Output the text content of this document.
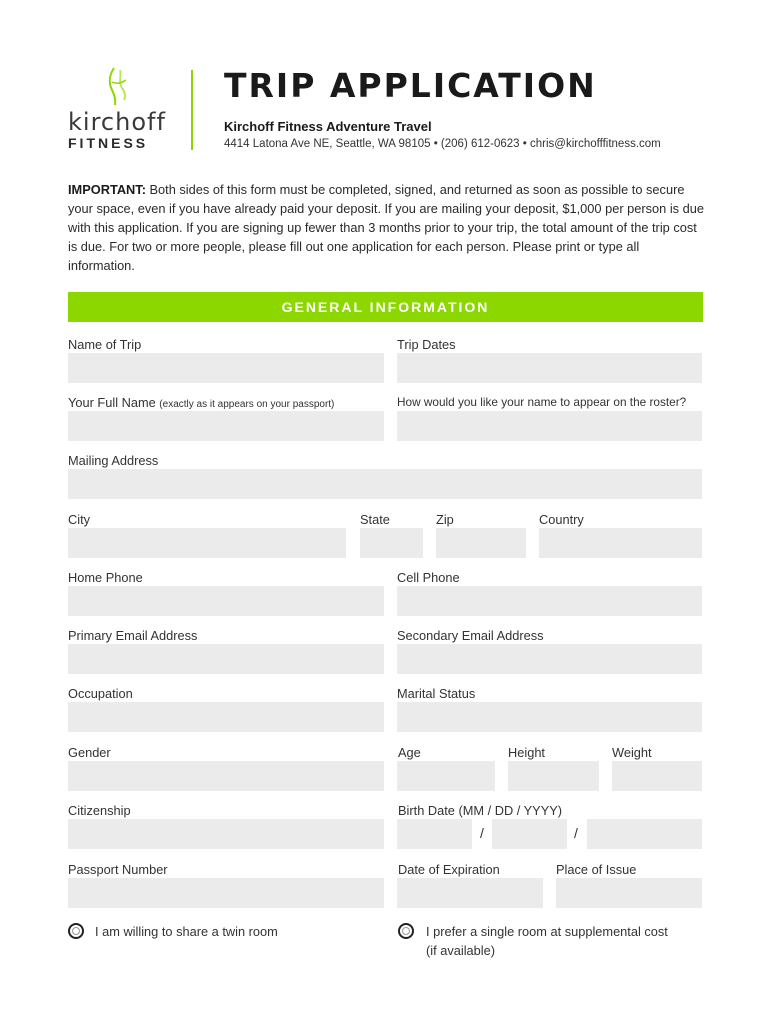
kirchoff
FITNESS
TRIP APPLICATION
Kirchoff Fitness Adventure Travel
4414 Latona Ave NE, Seattle, WA 98105 • (206) 612-0623 • chris@kirchofffitness.com
IMPORTANT: Both sides of this form must be completed, signed, and returned as soon as possible to secure your space, even if you have already paid your deposit. If you are mailing your deposit, $1,000 per person is due with this application. If you are signing up fewer than 3 months prior to your trip, the total amount of the trip cost is due. For two or more people, please fill out one application for each person. Please print or type all information.
GENERAL INFORMATION
Name of Trip	Trip Dates
Your Full Name (exactly as it appears on your passport)	How would you like your name to appear on the roster?
Mailing Address
City	State	Zip	Country
Home Phone	Cell Phone
Primary Email Address	Secondary Email Address
Occupation	Marital Status
Gender	Age	Height	Weight
Citizenship	Birth Date (MM / DD / YYYY)
/	/
Passport Number	Date of Expiration	Place of Issue
I am willing to share a twin room	I prefer a single room at supplemental cost
(if available)
